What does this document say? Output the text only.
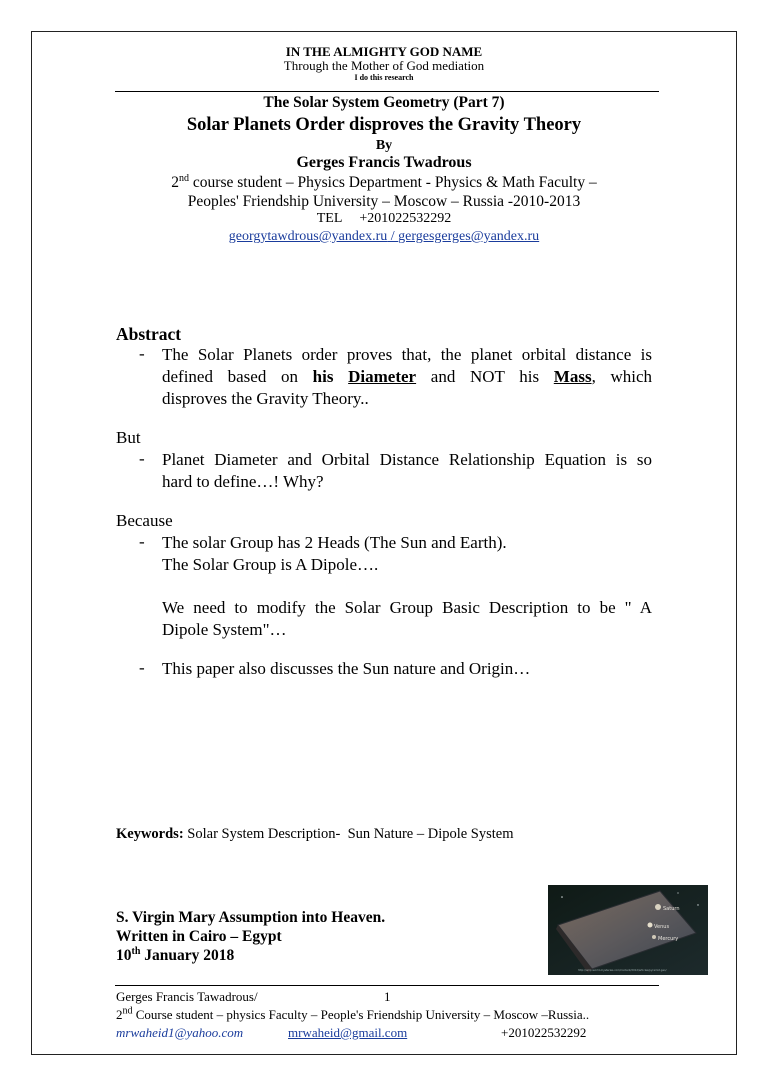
IN THE ALMIGHTY GOD NAME
Through the Mother of God mediation
I do this research
The Solar System Geometry (Part 7)
Solar Planets Order disproves the Gravity Theory
By
Gerges Francis Twadrous
2nd course student – Physics Department - Physics & Math Faculty –
Peoples' Friendship University – Moscow – Russia -2010-2013
TEL     +201022532292
georgytawdrous@yandex.ru / gergesgerges@yandex.ru
Abstract
- The Solar Planets order proves that, the planet orbital distance is
defined based on his Diameter and NOT his Mass, which
disproves the Gravity Theory..
But
- Planet Diameter and Orbital Distance Relationship Equation is so
hard to define…! Why?
Because
- The solar Group has 2 Heads (The Sun and Earth).
The Solar Group is A Dipole….
We need to modify the Solar Group Basic Description to be " A
Dipole System"…
- This paper also discusses the Sun nature and Origin…
Keywords: Solar System Description-  Sun Nature – Dipole System
S. Virgin Mary Assumption into Heaven.
Written in Cairo – Egypt
10th January 2018
Saturn
Venus
Mercury
http://amp.world-mysteries.com/content/2012/articles/pyramid.geo/
Gerges Francis Tawadrous/	1
2nd Course student – physics Faculty – People's Friendship University – Moscow –Russia..
mrwaheid1@yahoo.com	mrwaheid@gmail.com	+201022532292
